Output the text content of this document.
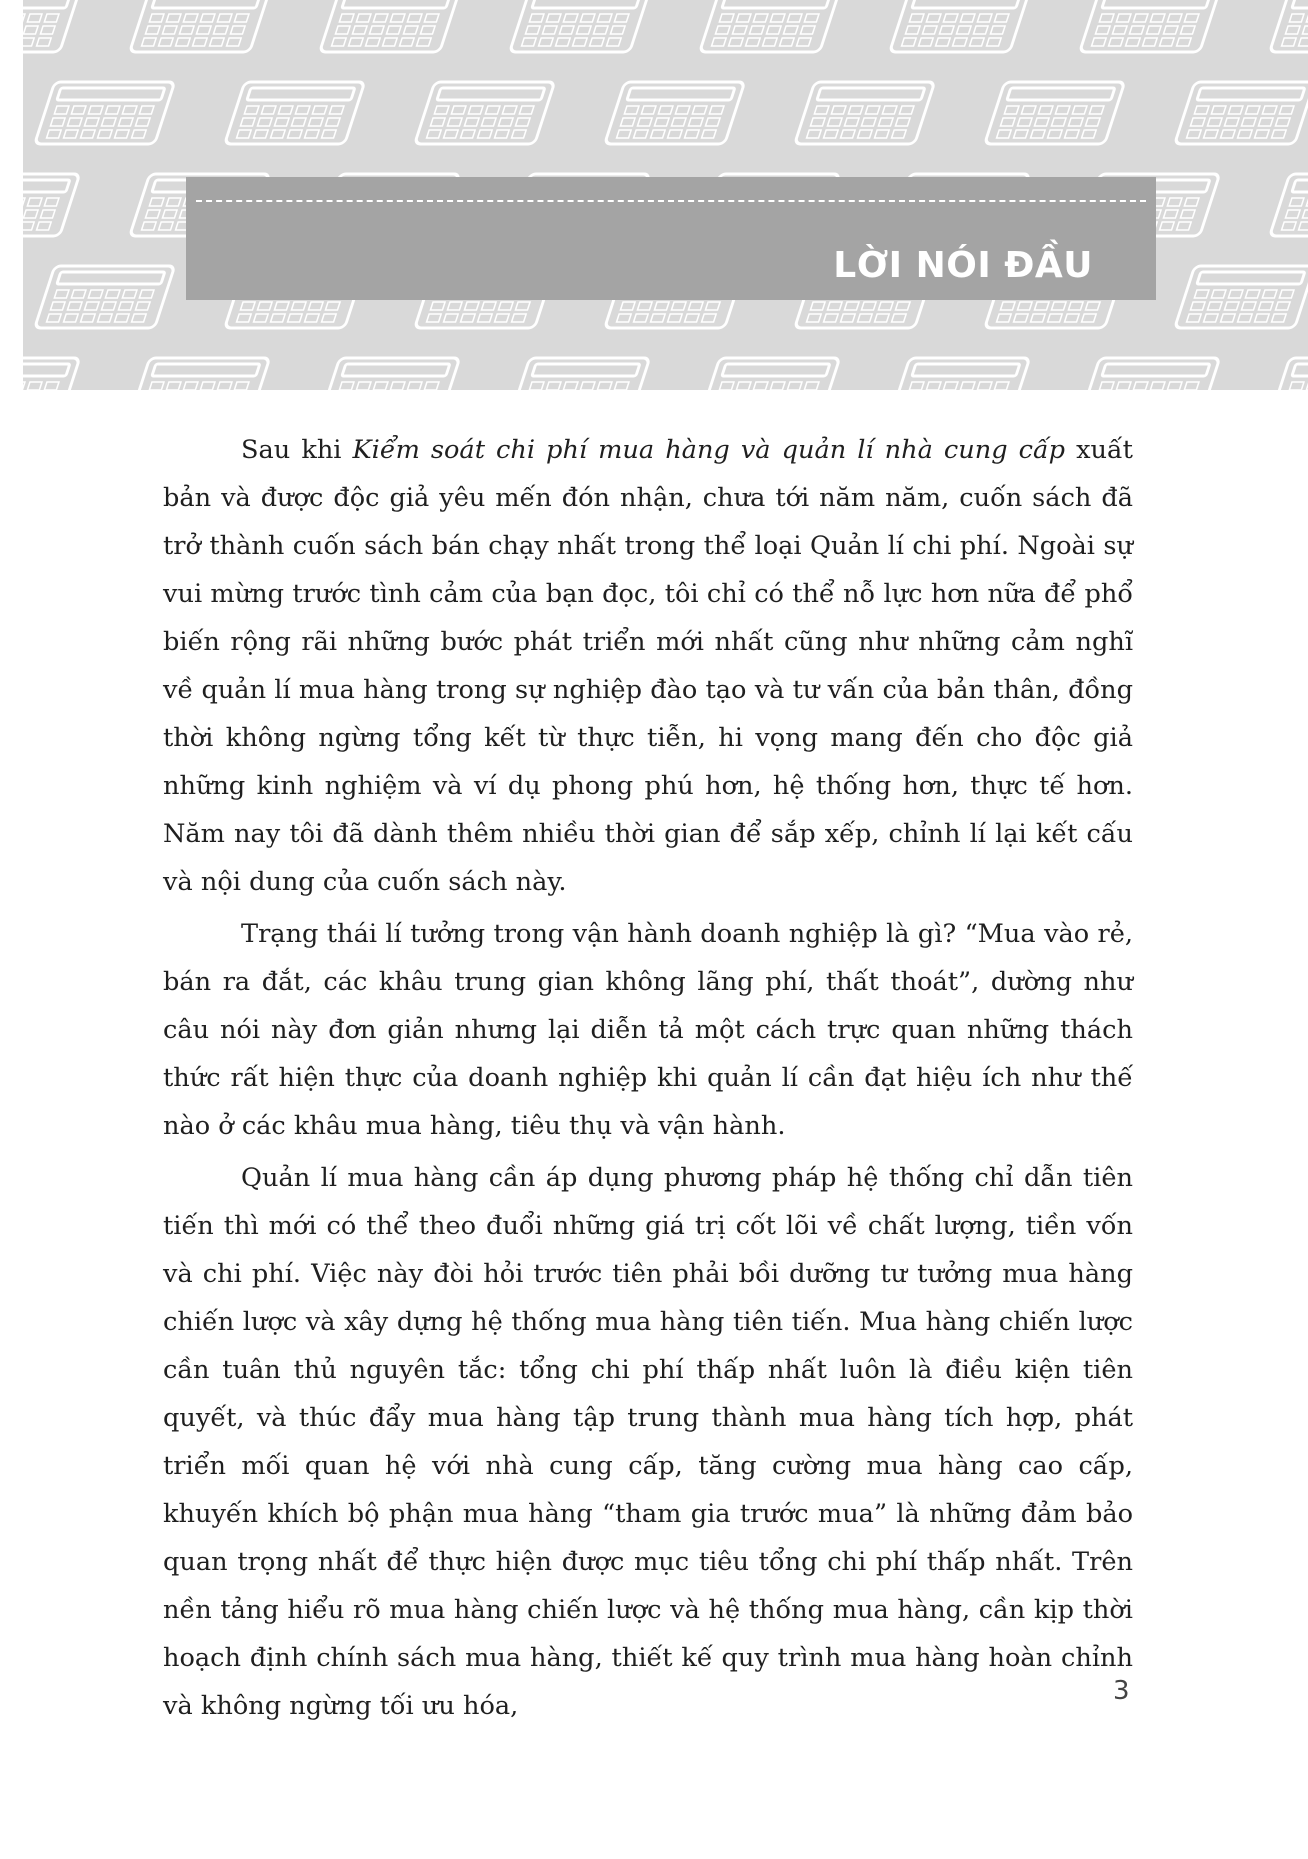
LỜI NÓI ĐẦU

Sau khi Kiểm soát chi phí mua hàng và quản lí nhà cung cấp xuất bản và được độc giả yêu mến đón nhận, chưa tới năm năm, cuốn sách đã trở thành cuốn sách bán chạy nhất trong thể loại Quản lí chi phí. Ngoài sự vui mừng trước tình cảm của bạn đọc, tôi chỉ có thể nỗ lực hơn nữa để phổ biến rộng rãi những bước phát triển mới nhất cũng như những cảm nghĩ về quản lí mua hàng trong sự nghiệp đào tạo và tư vấn của bản thân, đồng thời không ngừng tổng kết từ thực tiễn, hi vọng mang đến cho độc giả những kinh nghiệm và ví dụ phong phú hơn, hệ thống hơn, thực tế hơn. Năm nay tôi đã dành thêm nhiều thời gian để sắp xếp, chỉnh lí lại kết cấu và nội dung của cuốn sách này.

Trạng thái lí tưởng trong vận hành doanh nghiệp là gì? “Mua vào rẻ, bán ra đắt, các khâu trung gian không lãng phí, thất thoát”, dường như câu nói này đơn giản nhưng lại diễn tả một cách trực quan những thách thức rất hiện thực của doanh nghiệp khi quản lí cần đạt hiệu ích như thế nào ở các khâu mua hàng, tiêu thụ và vận hành.

Quản lí mua hàng cần áp dụng phương pháp hệ thống chỉ dẫn tiên tiến thì mới có thể theo đuổi những giá trị cốt lõi về chất lượng, tiền vốn và chi phí. Việc này đòi hỏi trước tiên phải bồi dưỡng tư tưởng mua hàng chiến lược và xây dựng hệ thống mua hàng tiên tiến. Mua hàng chiến lược cần tuân thủ nguyên tắc: tổng chi phí thấp nhất luôn là điều kiện tiên quyết, và thúc đẩy mua hàng tập trung thành mua hàng tích hợp, phát triển mối quan hệ với nhà cung cấp, tăng cường mua hàng cao cấp, khuyến khích bộ phận mua hàng “tham gia trước mua” là những đảm bảo quan trọng nhất để thực hiện được mục tiêu tổng chi phí thấp nhất. Trên nền tảng hiểu rõ mua hàng chiến lược và hệ thống mua hàng, cần kịp thời hoạch định chính sách mua hàng, thiết kế quy trình mua hàng hoàn chỉnh và không ngừng tối ưu hóa,	3
